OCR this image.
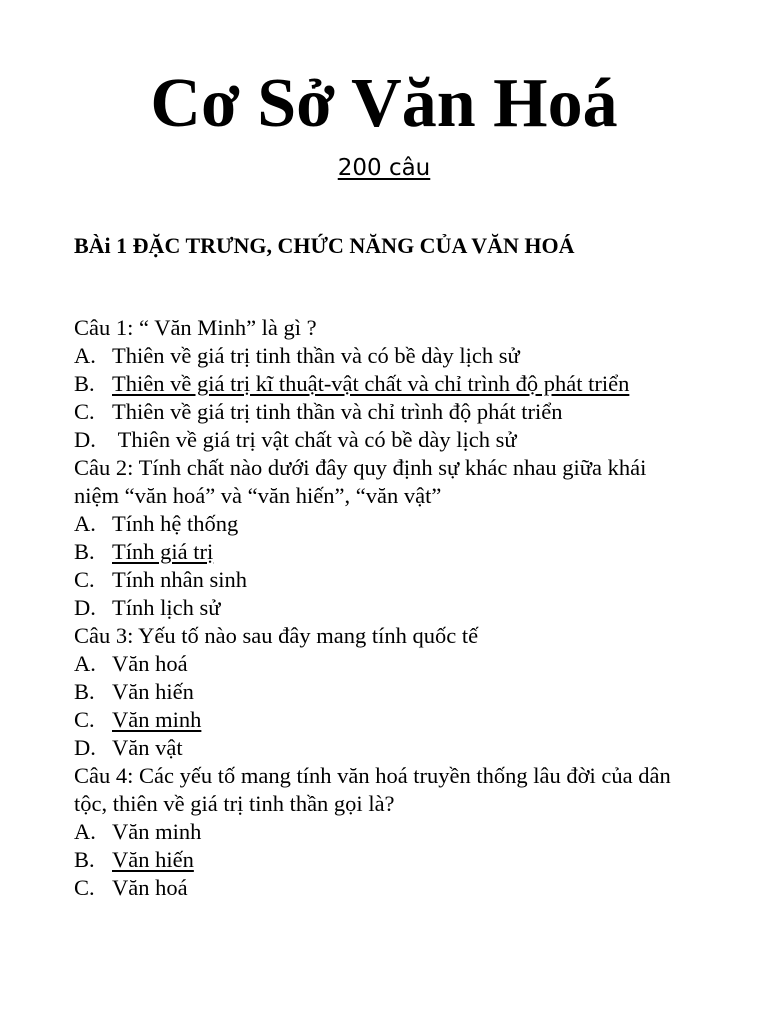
Cơ Sở Văn Hoá
200 câu
BÀi 1 ĐẶC TRƯNG, CHỨC NĂNG CỦA VĂN HOÁ
Câu 1: “ Văn Minh” là gì ?
A. Thiên về giá trị tinh thần và có bề dày lịch sử
B. Thiên về giá trị kĩ thuật-vật chất và chỉ trình độ phát triển
C. Thiên về giá trị tinh thần và chỉ trình độ phát triển
D. Thiên về giá trị vật chất và có bề dày lịch sử
Câu 2: Tính chất nào dưới đây quy định sự khác nhau giữa khái niệm “văn hoá” và “văn hiến”, “văn vật”
A. Tính hệ thống
B. Tính giá trị
C. Tính nhân sinh
D. Tính lịch sử
Câu 3: Yếu tố nào sau đây mang tính quốc tế
A. Văn hoá
B. Văn hiến
C. Văn minh
D. Văn vật
Câu 4: Các yếu tố mang tính văn hoá truyền thống lâu đời của dân tộc, thiên về giá trị tinh thần gọi là?
A. Văn minh
B. Văn hiến
C. Văn hoá
